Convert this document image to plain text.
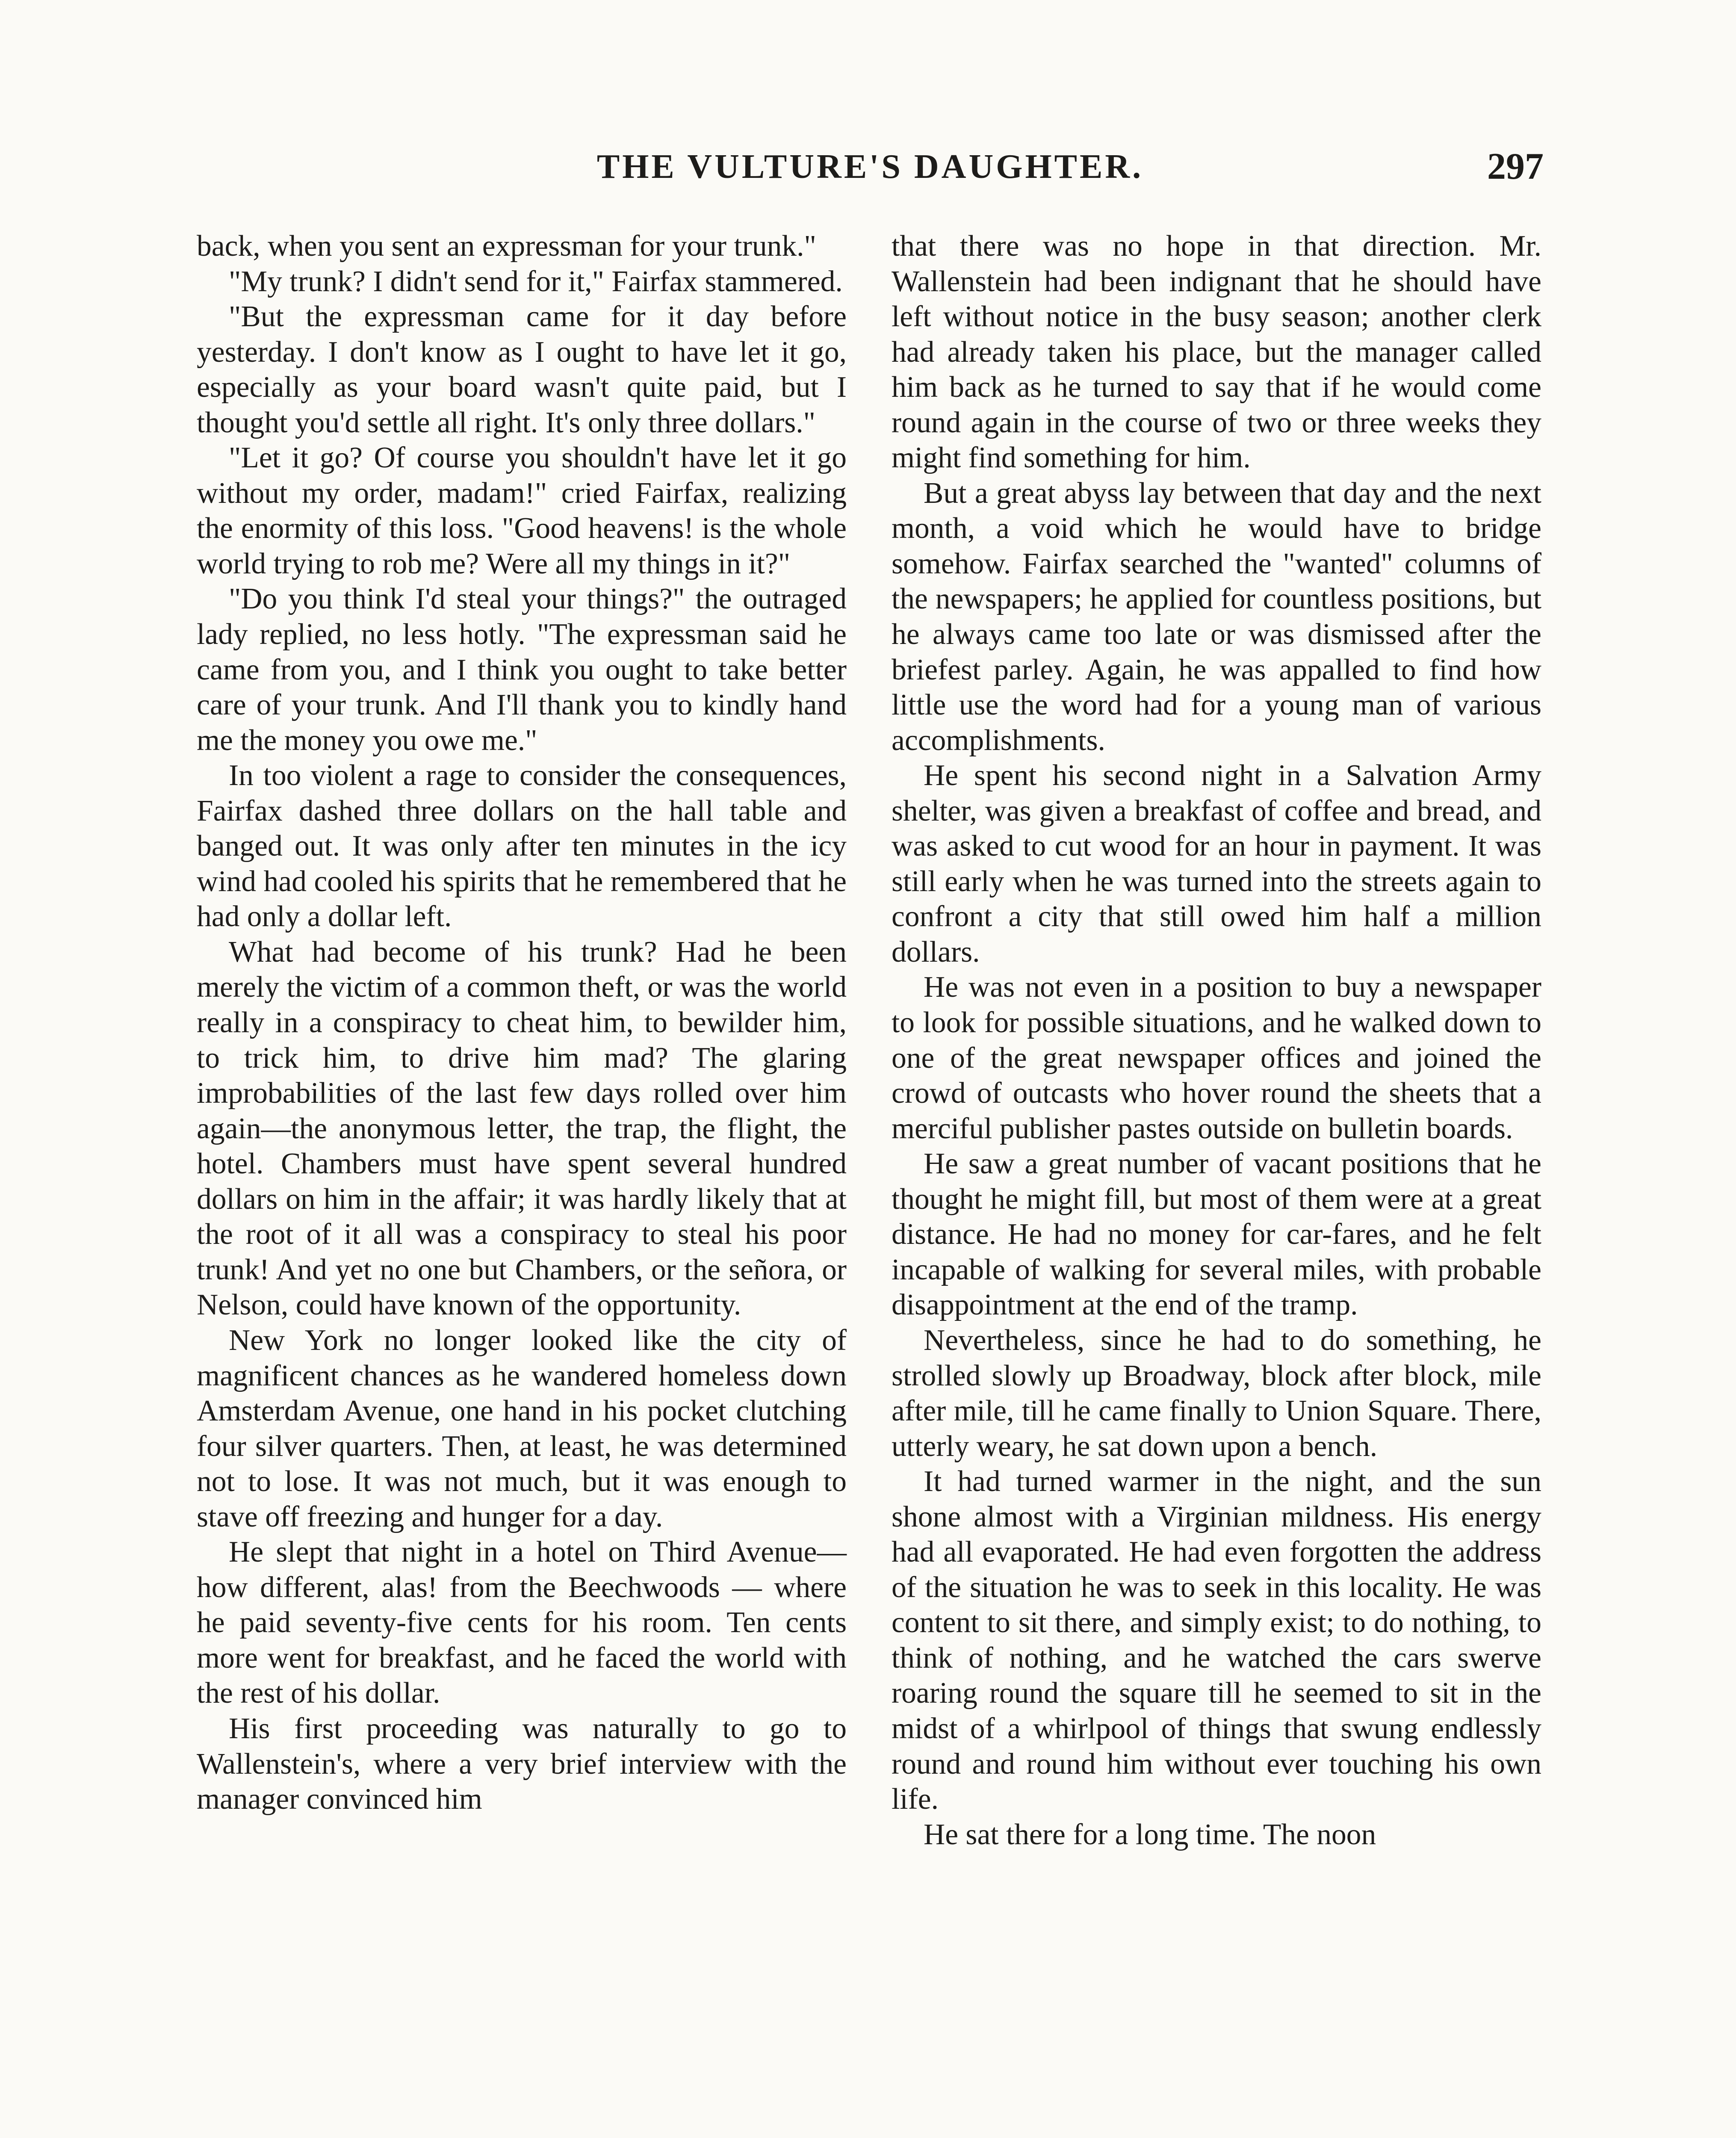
THE VULTURE'S DAUGHTER.	297

back, when you sent an expressman for your trunk."

"My trunk? I didn't send for it," Fairfax stammered.

"But the expressman came for it day before yesterday. I don't know as I ought to have let it go, especially as your board wasn't quite paid, but I thought you'd settle all right. It's only three dollars."

"Let it go? Of course you shouldn't have let it go without my order, madam!" cried Fairfax, realizing the enormity of this loss. "Good heavens! is the whole world trying to rob me? Were all my things in it?"

"Do you think I'd steal your things?" the outraged lady replied, no less hotly. "The expressman said he came from you, and I think you ought to take better care of your trunk. And I'll thank you to kindly hand me the money you owe me."

In too violent a rage to consider the consequences, Fairfax dashed three dollars on the hall table and banged out. It was only after ten minutes in the icy wind had cooled his spirits that he remembered that he had only a dollar left.

What had become of his trunk? Had he been merely the victim of a common theft, or was the world really in a conspiracy to cheat him, to bewilder him, to trick him, to drive him mad? The glaring improbabilities of the last few days rolled over him again—the anonymous letter, the trap, the flight, the hotel. Chambers must have spent several hundred dollars on him in the affair; it was hardly likely that at the root of it all was a conspiracy to steal his poor trunk! And yet no one but Chambers, or the señora, or Nelson, could have known of the opportunity.

New York no longer looked like the city of magnificent chances as he wandered homeless down Amsterdam Avenue, one hand in his pocket clutching four silver quarters. Then, at least, he was determined not to lose. It was not much, but it was enough to stave off freezing and hunger for a day.

He slept that night in a hotel on Third Avenue—how different, alas! from the Beechwoods — where he paid seventy-five cents for his room. Ten cents more went for breakfast, and he faced the world with the rest of his dollar.

His first proceeding was naturally to go to Wallenstein's, where a very brief interview with the manager convinced him

that there was no hope in that direction. Mr. Wallenstein had been indignant that he should have left without notice in the busy season; another clerk had already taken his place, but the manager called him back as he turned to say that if he would come round again in the course of two or three weeks they might find something for him.

But a great abyss lay between that day and the next month, a void which he would have to bridge somehow. Fairfax searched the "wanted" columns of the newspapers; he applied for countless positions, but he always came too late or was dismissed after the briefest parley. Again, he was appalled to find how little use the word had for a young man of various accomplishments.

He spent his second night in a Salvation Army shelter, was given a breakfast of coffee and bread, and was asked to cut wood for an hour in payment. It was still early when he was turned into the streets again to confront a city that still owed him half a million dollars.

He was not even in a position to buy a newspaper to look for possible situations, and he walked down to one of the great newspaper offices and joined the crowd of outcasts who hover round the sheets that a merciful publisher pastes outside on bulletin boards.

He saw a great number of vacant positions that he thought he might fill, but most of them were at a great distance. He had no money for car-fares, and he felt incapable of walking for several miles, with probable disappointment at the end of the tramp.

Nevertheless, since he had to do something, he strolled slowly up Broadway, block after block, mile after mile, till he came finally to Union Square. There, utterly weary, he sat down upon a bench.

It had turned warmer in the night, and the sun shone almost with a Virginian mildness. His energy had all evaporated. He had even forgotten the address of the situation he was to seek in this locality. He was content to sit there, and simply exist; to do nothing, to think of nothing, and he watched the cars swerve roaring round the square till he seemed to sit in the midst of a whirlpool of things that swung endlessly round and round him without ever touching his own life.

He sat there for a long time. The noon
